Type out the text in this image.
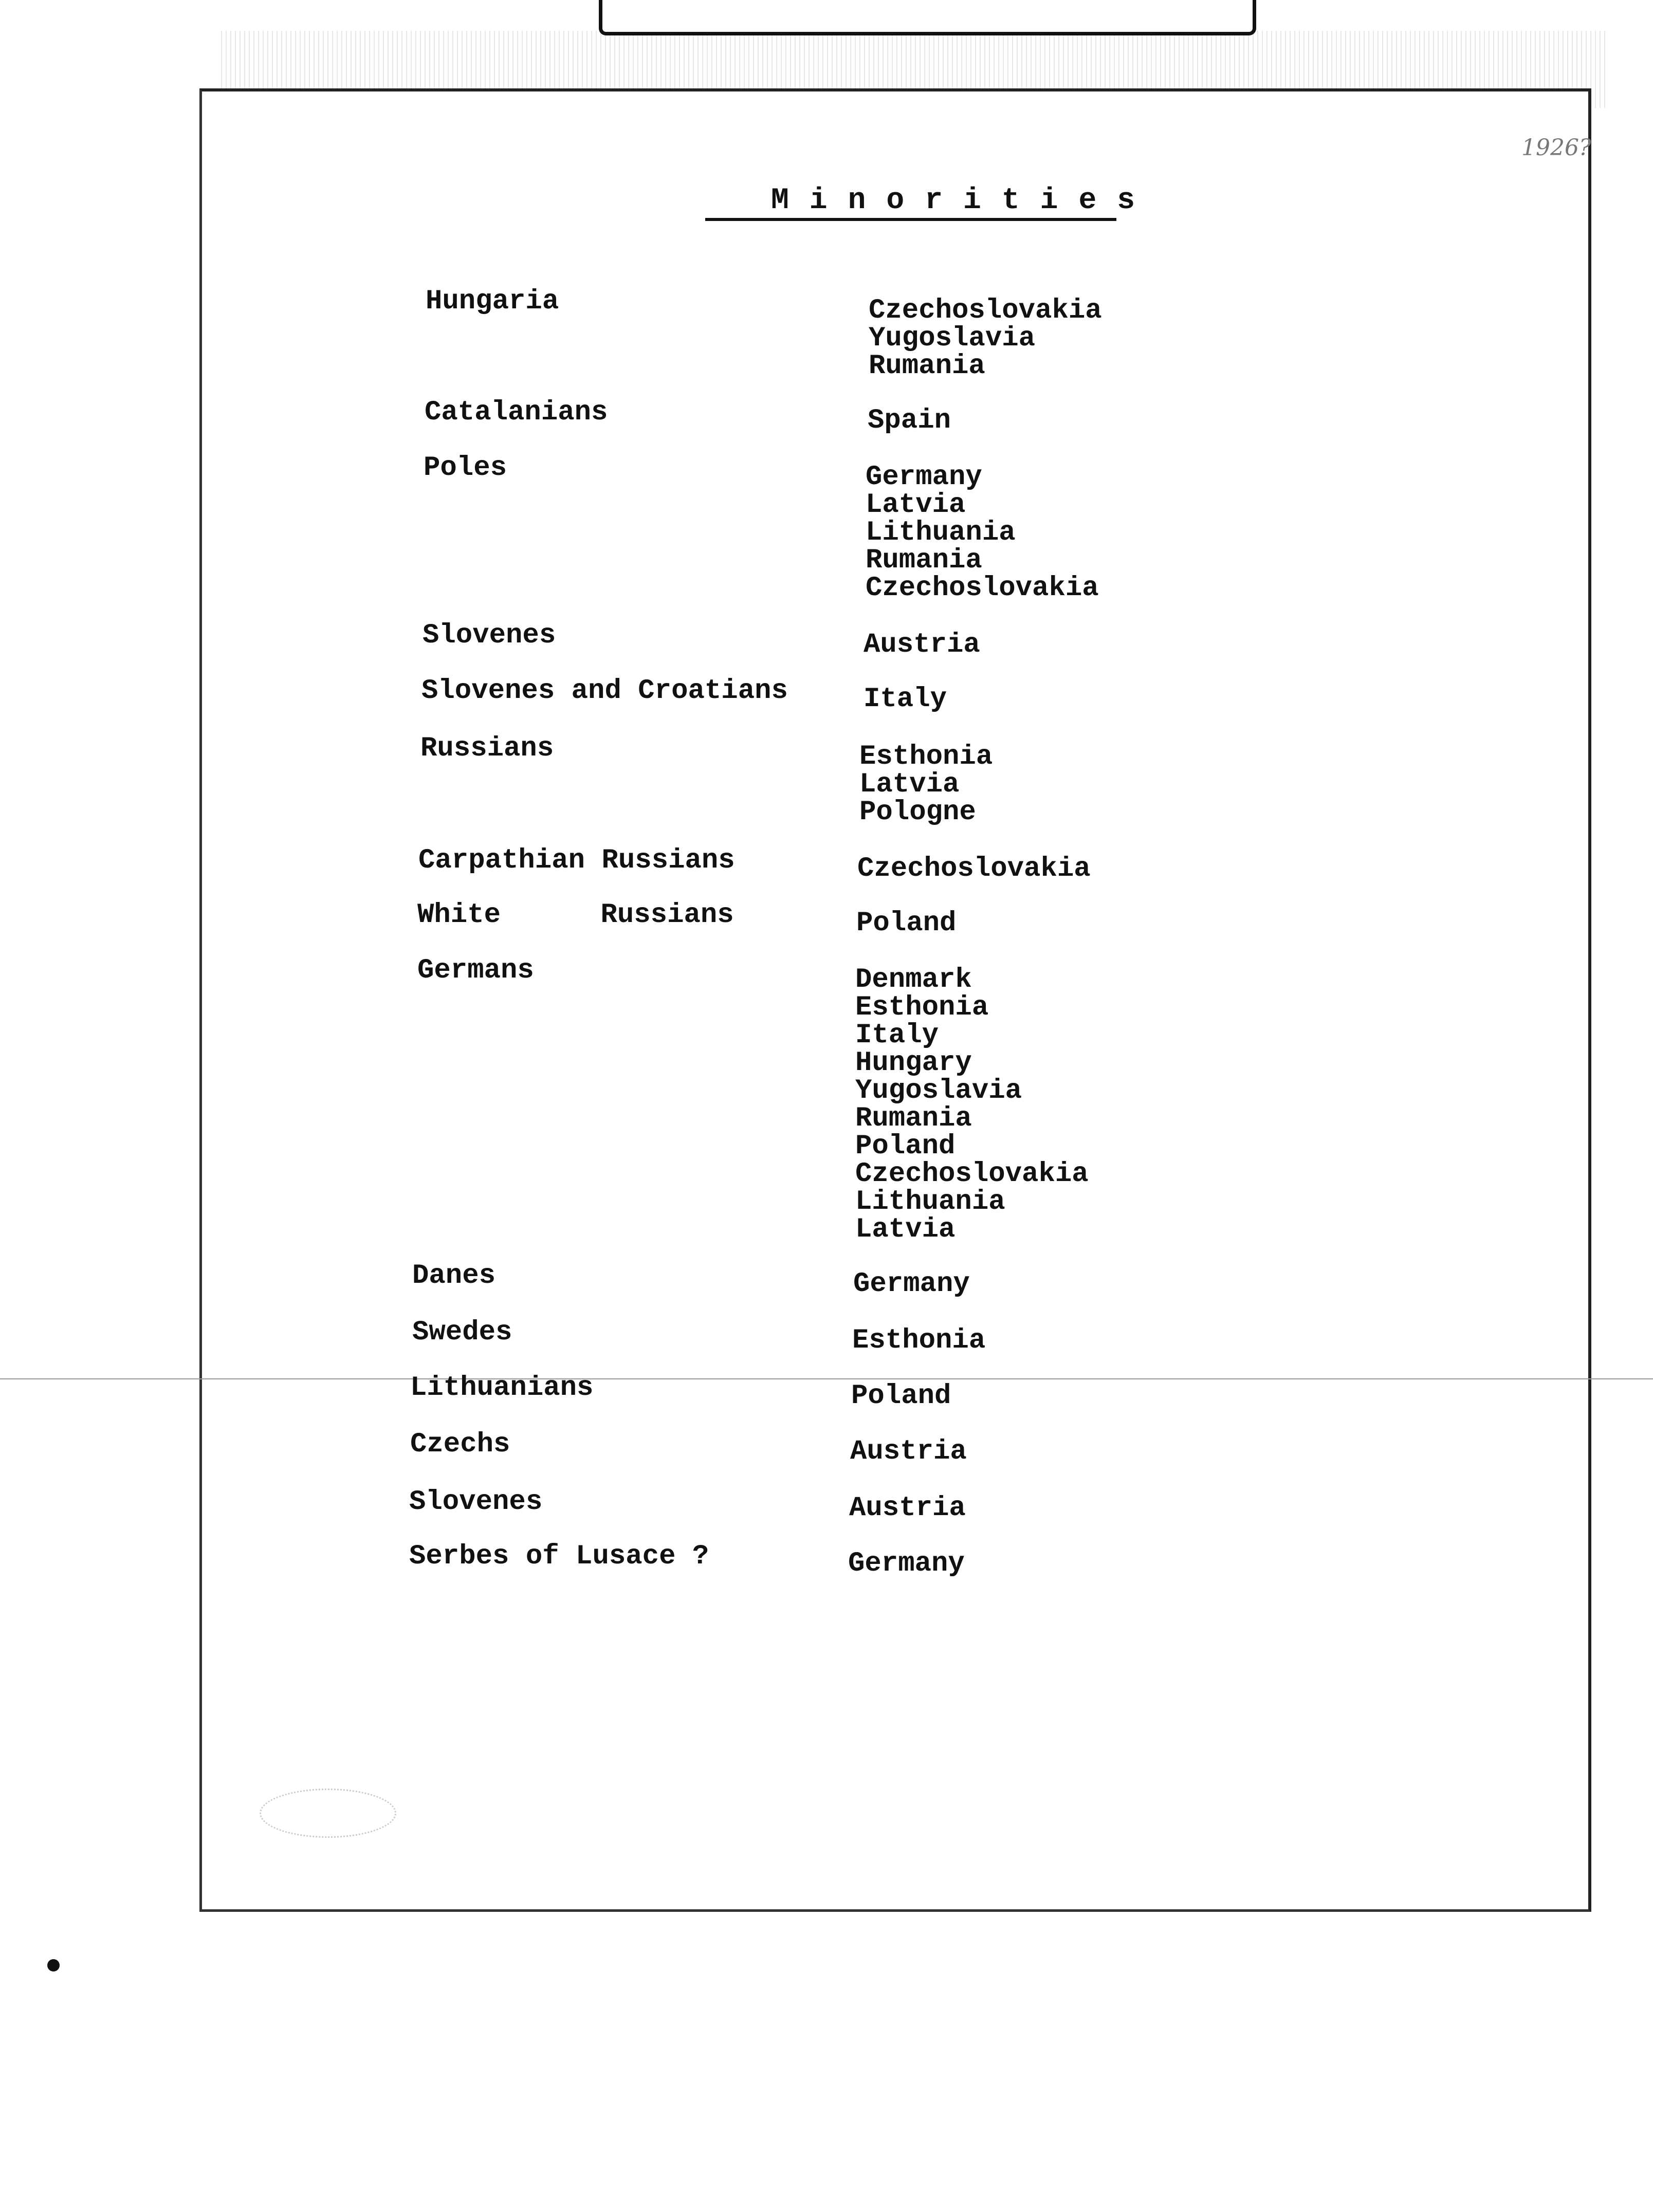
1926?
Minorities
Hungaria	Czechoslovakia
Yugoslavia
Rumania
Catalanians	Spain
Poles	Germany
Latvia
Lithuania
Rumania
Czechoslovakia
Slovenes	Austria
Slovenes and Croatians	Italy
Russians	Esthonia
Latvia
Pologne
Carpathian Russians	Czechoslovakia
White      Russians	Poland
Germans	Denmark
Esthonia
Italy
Hungary
Yugoslavia
Rumania
Poland
Czechoslovakia
Lithuania
Latvia
Danes	Germany
Swedes	Esthonia
Lithuanians	Poland
Czechs	Austria
Slovenes	Austria
Serbes of Lusace ?	Germany
